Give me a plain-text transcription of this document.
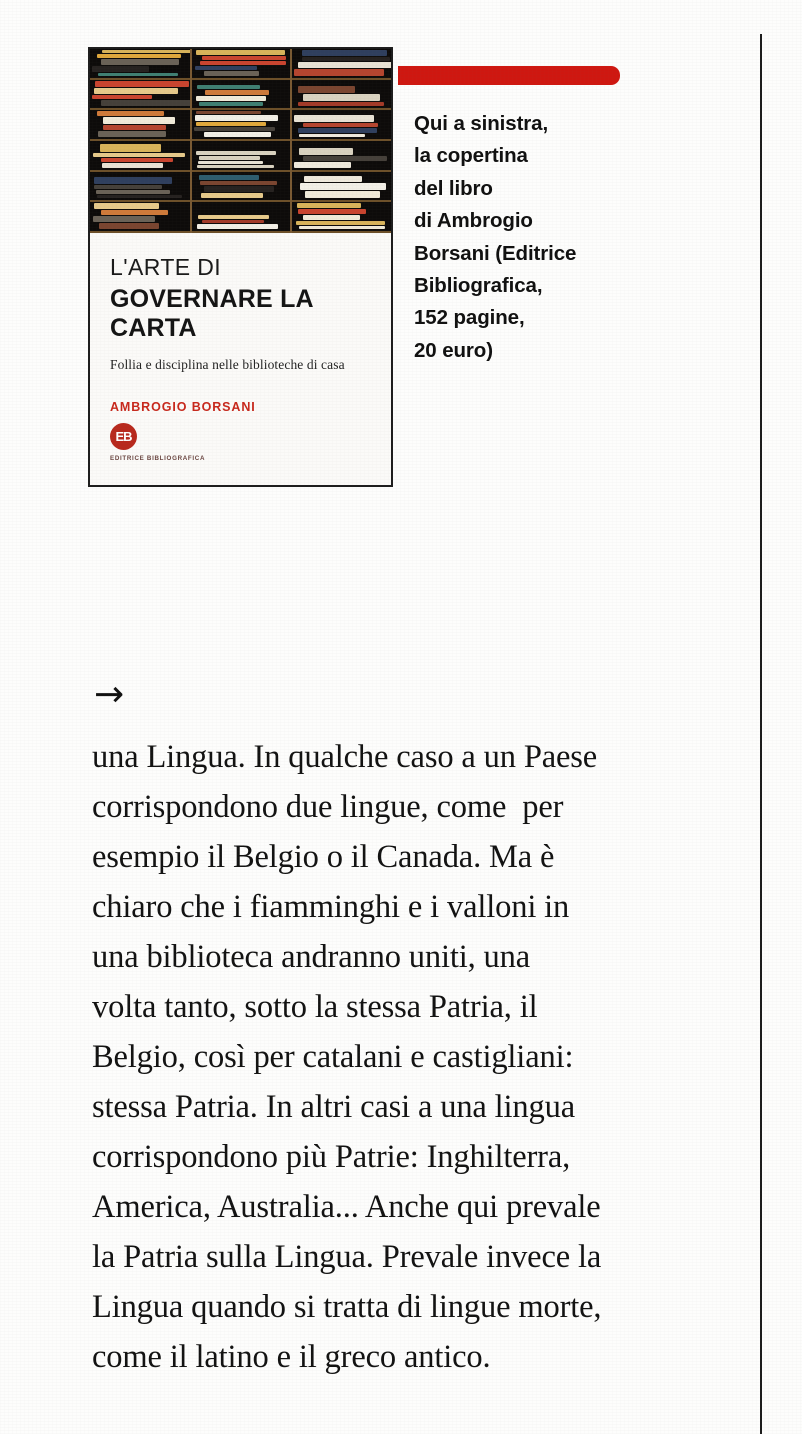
L'ARTE DI
GOVERNARE LA CARTA
Follia e disciplina nelle biblioteche di casa
AMBROGIO BORSANI
EB
EDITRICE BIBLIOGRAFICA
Qui a sinistra,
la copertina
del libro
di Ambrogio
Borsani (Editrice
Bibliografica,
152 pagine,
20 euro)
→
una Lingua. In qualche caso a un Paese
corrispondono due lingue, come  per
esempio il Belgio o il Canada. Ma è
chiaro che i fiamminghi e i valloni in
una biblioteca andranno uniti, una
volta tanto, sotto la stessa Patria, il
Belgio, così per catalani e castigliani:
stessa Patria. In altri casi a una lingua
corrispondono più Patrie: Inghilterra,
America, Australia... Anche qui prevale
la Patria sulla Lingua. Prevale invece la
Lingua quando si tratta di lingue morte,
come il latino e il greco antico.
